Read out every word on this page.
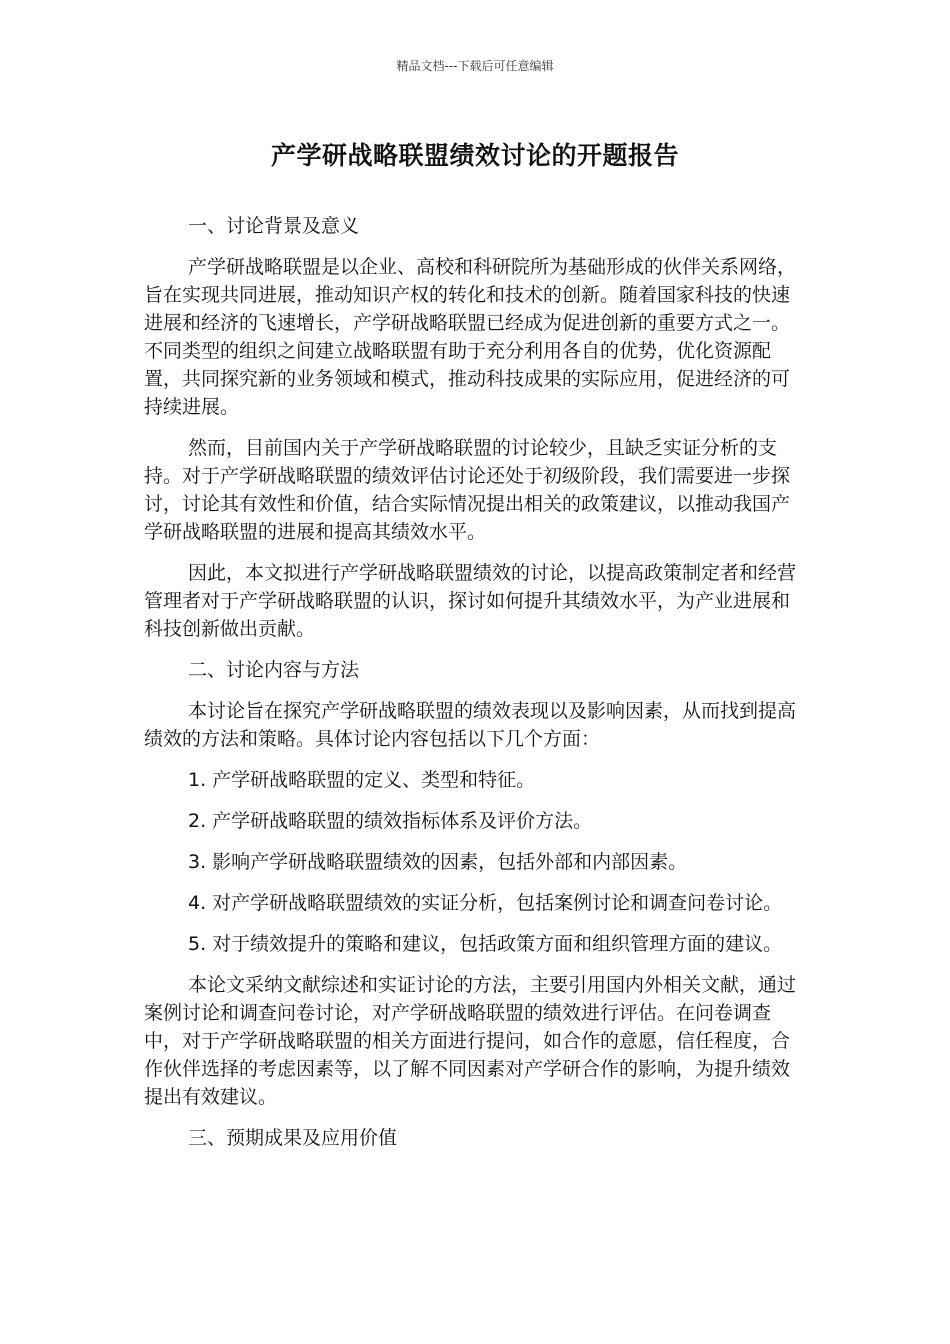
精品文档---下载后可任意编辑
产学研战略联盟绩效讨论的开题报告

一、讨论背景及意义

产学研战略联盟是以企业、高校和科研院所为基础形成的伙伴关系网络，旨在实现共同进展，推动知识产权的转化和技术的创新。随着国家科技的快速进展和经济的飞速增长，产学研战略联盟已经成为促进创新的重要方式之一。不同类型的组织之间建立战略联盟有助于充分利用各自的优势，优化资源配置，共同探究新的业务领域和模式，推动科技成果的实际应用，促进经济的可持续进展。

然而，目前国内关于产学研战略联盟的讨论较少，且缺乏实证分析的支持。对于产学研战略联盟的绩效评估讨论还处于初级阶段，我们需要进一步探讨，讨论其有效性和价值，结合实际情况提出相关的政策建议，以推动我国产学研战略联盟的进展和提高其绩效水平。

因此，本文拟进行产学研战略联盟绩效的讨论，以提高政策制定者和经营管理者对于产学研战略联盟的认识，探讨如何提升其绩效水平，为产业进展和科技创新做出贡献。

二、讨论内容与方法

本讨论旨在探究产学研战略联盟的绩效表现以及影响因素，从而找到提高绩效的方法和策略。具体讨论内容包括以下几个方面：

1. 产学研战略联盟的定义、类型和特征。

2. 产学研战略联盟的绩效指标体系及评价方法。

3. 影响产学研战略联盟绩效的因素，包括外部和内部因素。

4. 对产学研战略联盟绩效的实证分析，包括案例讨论和调查问卷讨论。

5. 对于绩效提升的策略和建议，包括政策方面和组织管理方面的建议。

本论文采纳文献综述和实证讨论的方法，主要引用国内外相关文献，通过案例讨论和调查问卷讨论，对产学研战略联盟的绩效进行评估。在问卷调查中，对于产学研战略联盟的相关方面进行提问，如合作的意愿，信任程度，合作伙伴选择的考虑因素等，以了解不同因素对产学研合作的影响，为提升绩效提出有效建议。

三、预期成果及应用价值
